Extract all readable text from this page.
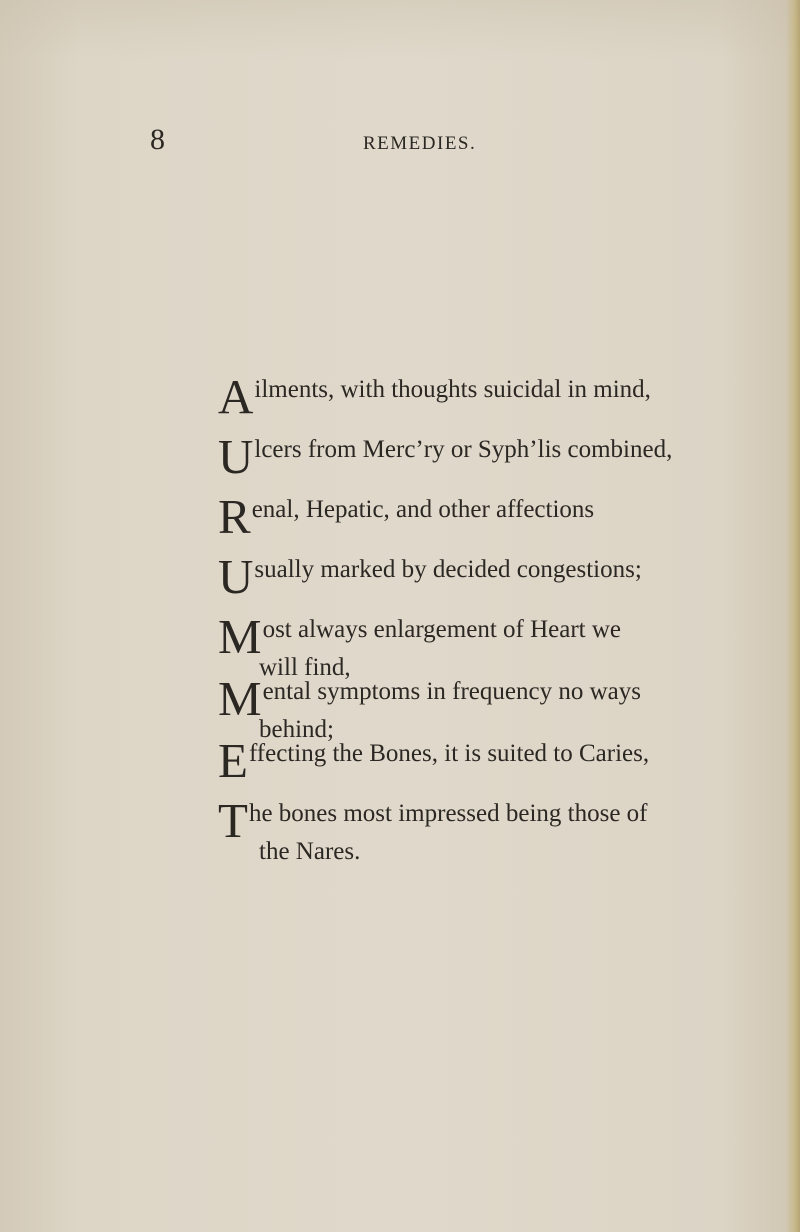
8	REMEDIES.
Ailments, with thoughts suicidal in mind,
Ulcers from Merc’ry or Syph’lis combined,
Renal, Hepatic, and other affections
Usually marked by decided congestions;
Most always enlargement of Heart we
will find,
Mental symptoms in frequency no ways
behind;
Effecting the Bones, it is suited to Caries,
The bones most impressed being those of
the Nares.
